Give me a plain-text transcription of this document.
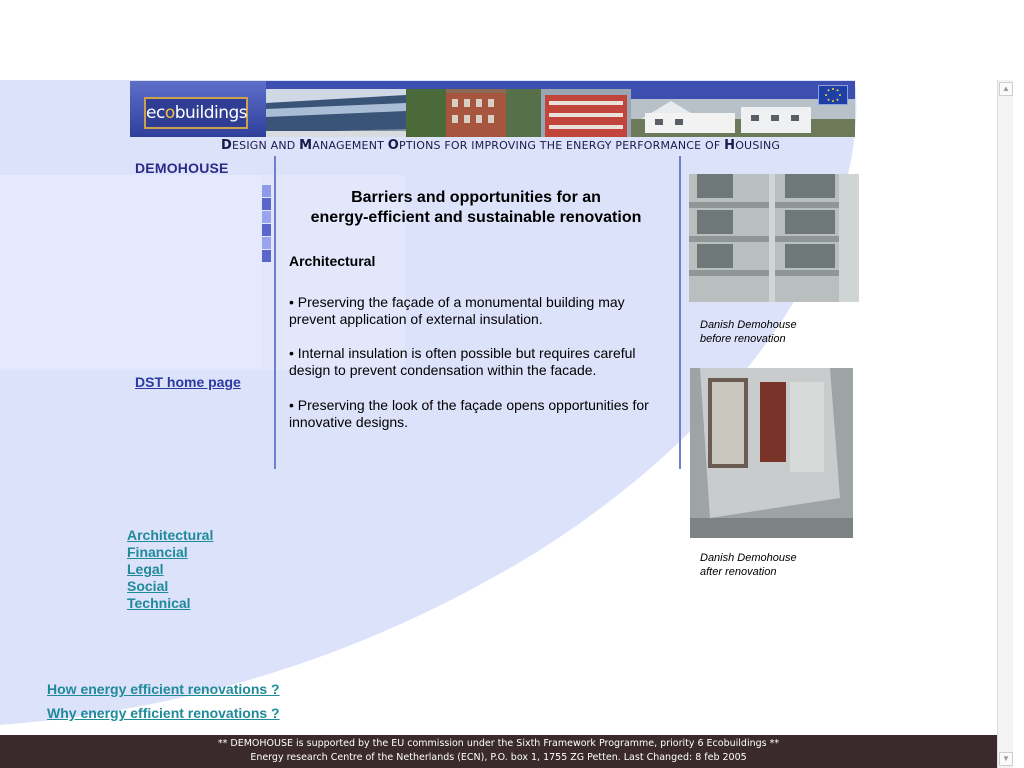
ecobuildings
DESIGN AND MANAGEMENT OPTIONS FOR IMPROVING THE ENERGY PERFORMANCE OF HOUSING
DEMOHOUSE
DST home page
Barriers and opportunities for an
energy-efficient and sustainable renovation
Architectural
• Preserving the façade of a monumental building may prevent application of external insulation.
• Internal insulation is often possible but requires careful design to prevent condensation within the facade.
• Preserving the look of the façade opens opportunities for innovative designs.
Danish Demohouse
before renovation
Danish Demohouse
after renovation
Architectural
Financial
Legal
Social
Technical
How energy efficient renovations ?
Why energy efficient renovations ?
** DEMOHOUSE is supported by the EU commission under the Sixth Framework Programme, priority 6 Ecobuildings **
Energy research Centre of the Netherlands (ECN), P.O. box 1, 1755 ZG Petten. Last Changed: 8 feb 2005
▲
▼
